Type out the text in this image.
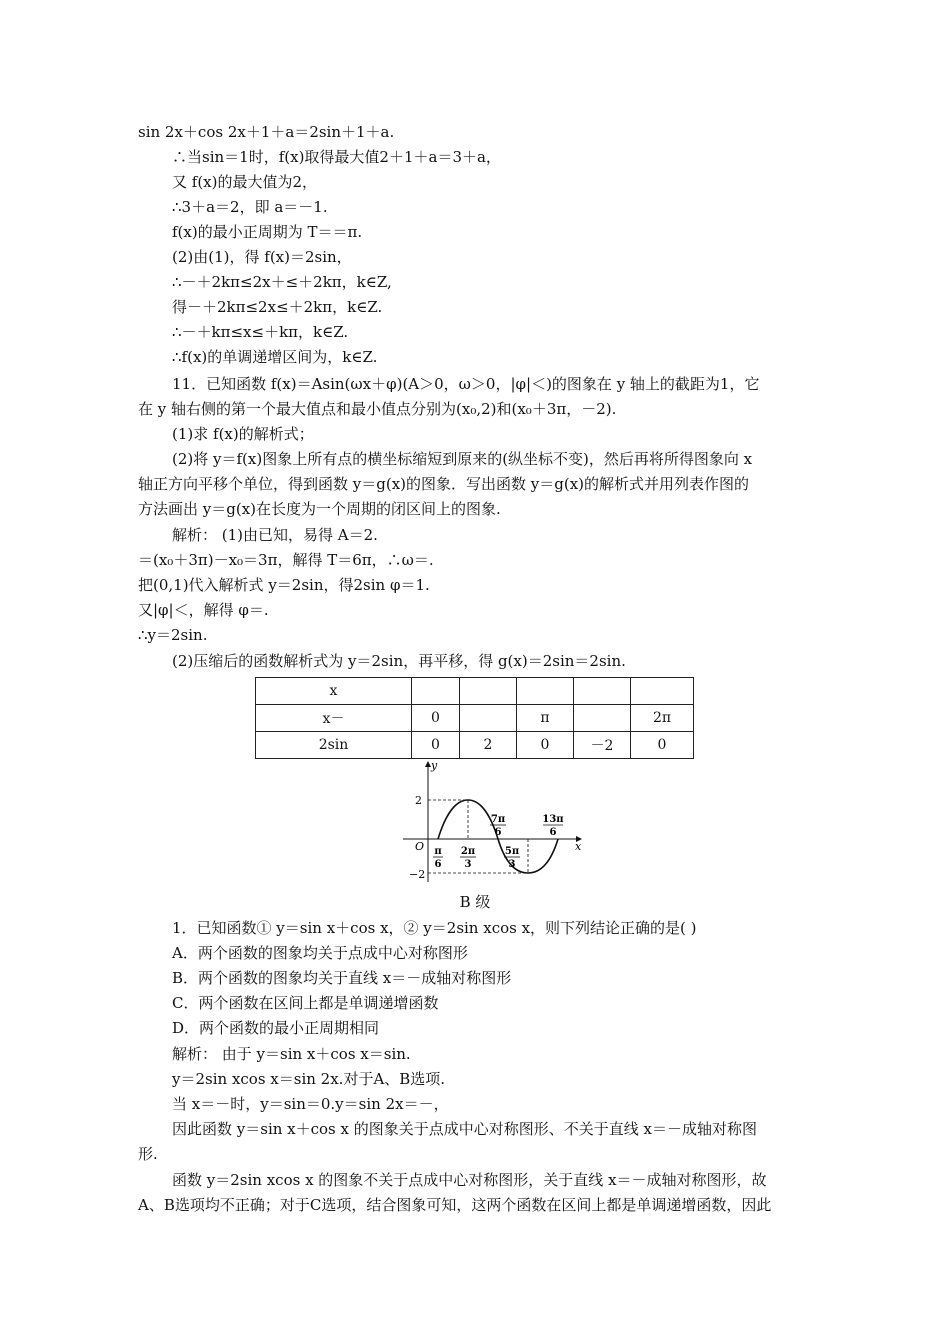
sin 2x＋cos 2x＋1＋a＝2sin＋1＋a.
∴当sin＝1时，f(x)取得最大值2＋1＋a＝3＋a，
又 f(x)的最大值为2，
∴3＋a＝2，即 a＝－1.
f(x)的最小正周期为 T＝＝π.
(2)由(1)，得 f(x)＝2sin，
∴－＋2kπ≤2x＋≤＋2kπ，k∈Z,
得－＋2kπ≤2x≤＋2kπ，k∈Z.
∴－＋kπ≤x≤＋kπ，k∈Z.
∴f(x)的单调递增区间为，k∈Z.
11．已知函数 f(x)＝Asin(ωx＋φ)(A＞0，ω＞0，|φ|＜)的图象在 y 轴上的截距为1，它
在 y 轴右侧的第一个最大值点和最小值点分别为(x₀,2)和(x₀＋3π，－2).
(1)求 f(x)的解析式；
(2)将 y＝f(x)图象上所有点的横坐标缩短到原来的(纵坐标不变)，然后再将所得图象向 x
轴正方向平移个单位，得到函数 y＝g(x)的图象．写出函数 y＝g(x)的解析式并用列表作图的
方法画出 y＝g(x)在长度为一个周期的闭区间上的图象.
解析： (1)由已知，易得 A＝2.
＝(x₀＋3π)－x₀＝3π，解得 T＝6π，∴ω＝.
把(0,1)代入解析式 y＝2sin，得2sin φ＝1.
又|φ|＜，解得 φ＝.
∴y＝2sin.
(2)压缩后的函数解析式为 y＝2sin，再平移，得 g(x)＝2sin＝2sin.
x					
x－	0		π		2π
2sin	0	2	0	－2	0
x
y
O
2
−2
π
6
2π
3
5π
3
7π
6
13π
6
B 级
1．已知函数① y＝sin x＋cos x，② y＝2sin xcos x，则下列结论正确的是( )
A．两个函数的图象均关于点成中心对称图形
B．两个函数的图象均关于直线 x＝－成轴对称图形
C．两个函数在区间上都是单调递增函数
D．两个函数的最小正周期相同
解析： 由于 y＝sin x＋cos x＝sin.
y＝2sin xcos x＝sin 2x.对于A、B选项.
当 x＝－时，y＝sin＝0.y＝sin 2x＝－，
因此函数 y＝sin x＋cos x 的图象关于点成中心对称图形、不关于直线 x＝－成轴对称图
形.
函数 y＝2sin xcos x 的图象不关于点成中心对称图形，关于直线 x＝－成轴对称图形，故
A、B选项均不正确；对于C选项，结合图象可知，这两个函数在区间上都是单调递增函数，因此
